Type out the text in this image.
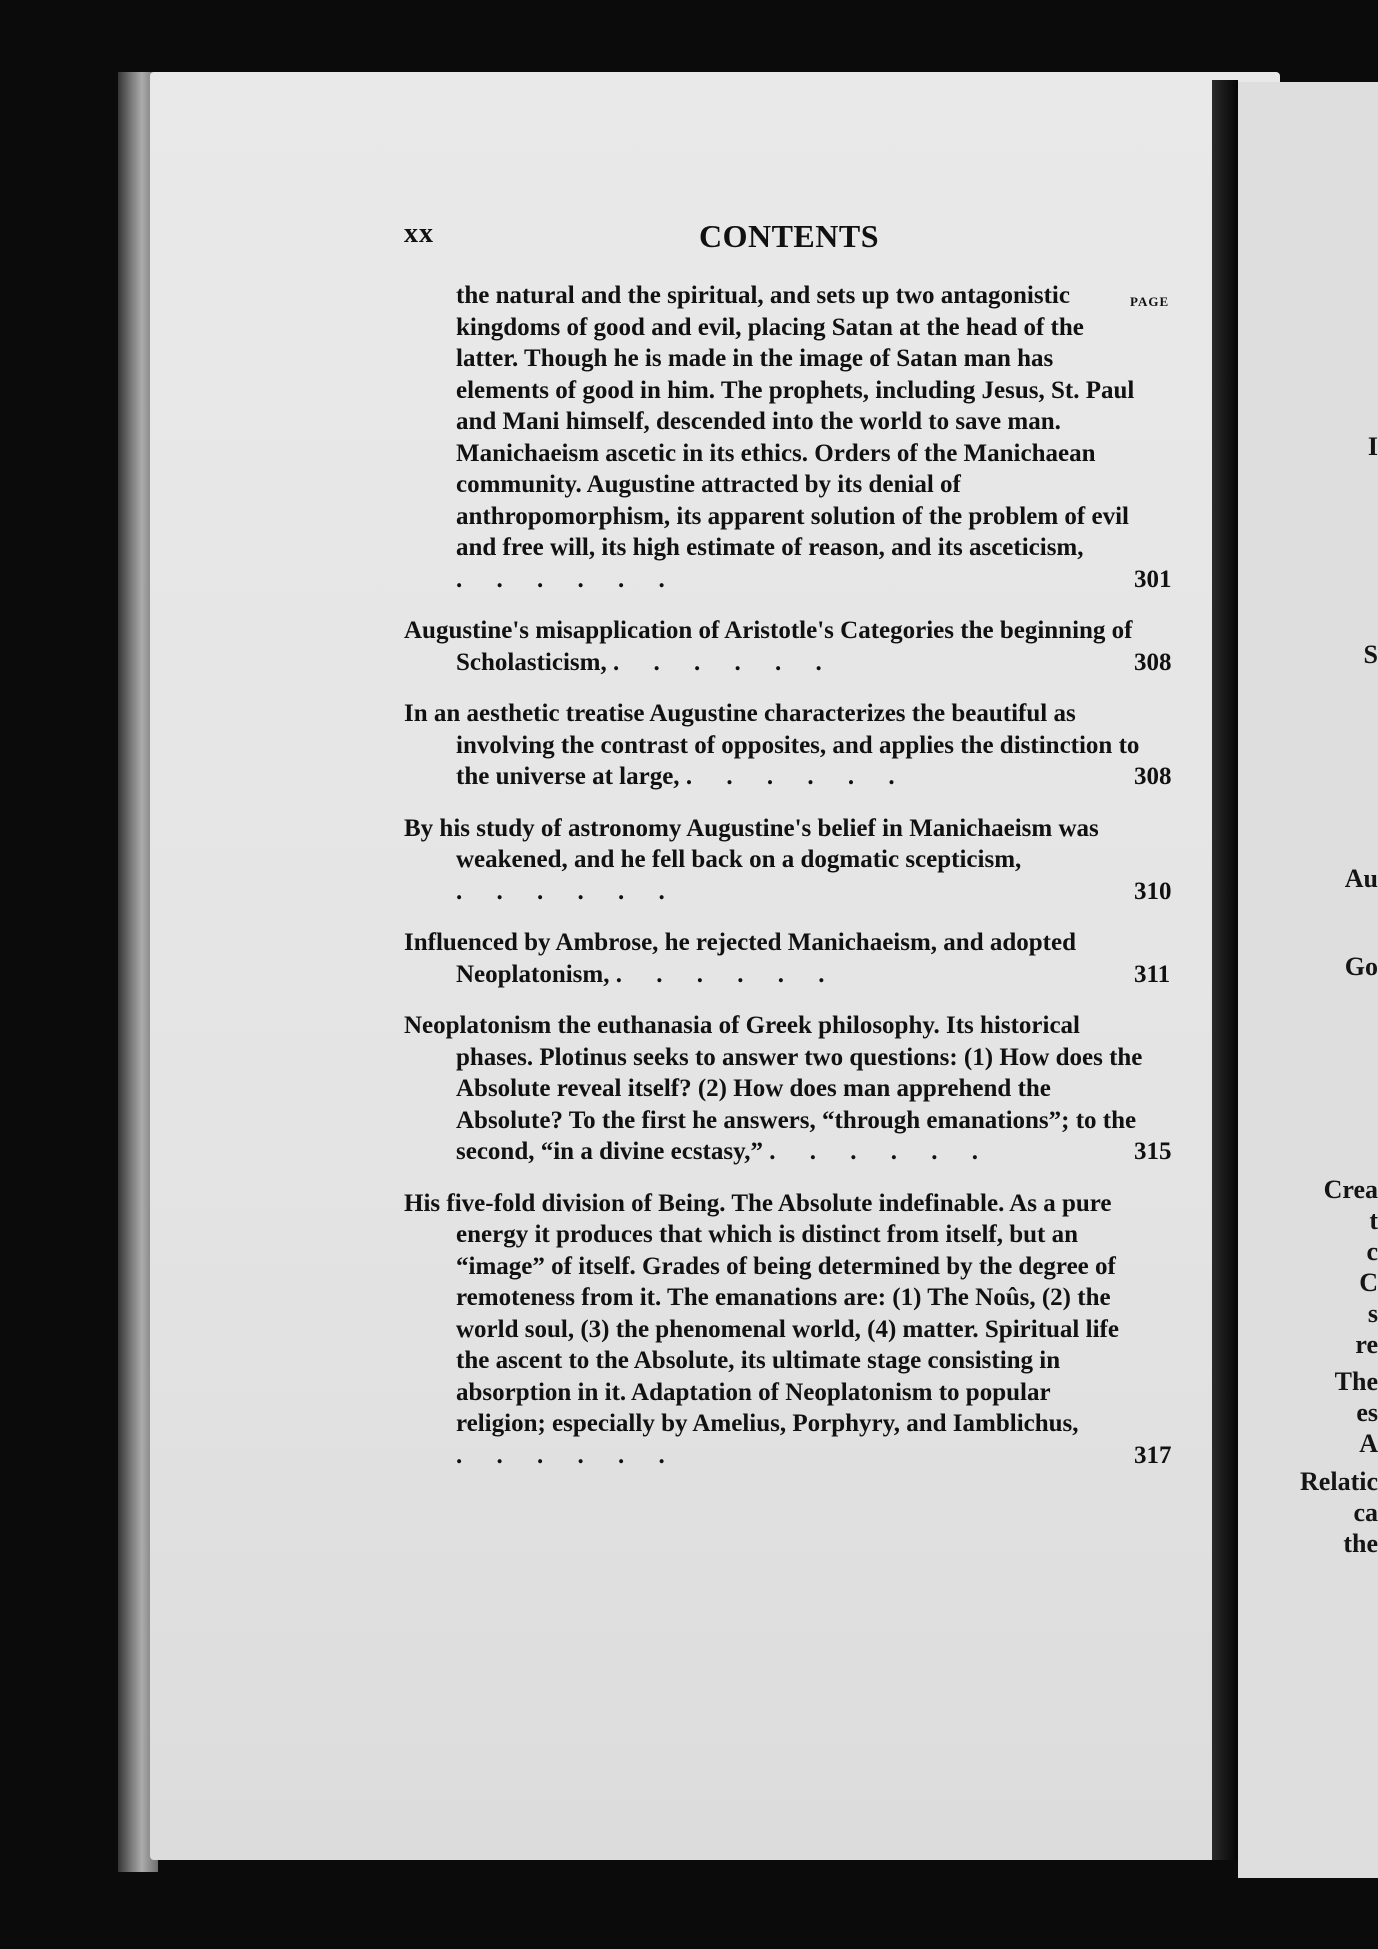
I
S
Au
Go
Crea
t
c
C
s
re
The
es
A
Relatic
ca
the
xx	CONTENTS
PAGE
the natural and the spiritual, and sets up two antagonistic kingdoms of good and evil, placing Satan at the head of the latter. Though he is made in the image of Satan man has elements of good in him. The prophets, including Jesus, St. Paul and Mani himself, descended into the world to save man. Manichaeism ascetic in its ethics. Orders of the Manichaean community. Augustine attracted by its denial of anthropomorphism, its apparent solution of the problem of evil and free will, its high estimate of reason, and its asceticism, . . . . . .	301
Augustine's misapplication of Aristotle's Categories the beginning of Scholasticism, . . . . . .	308
In an aesthetic treatise Augustine characterizes the beautiful as involving the contrast of opposites, and applies the distinction to the universe at large, . . . . . .	308
By his study of astronomy Augustine's belief in Manichaeism was weakened, and he fell back on a dogmatic scepticism, . . . . . .	310
Influenced by Ambrose, he rejected Manichaeism, and adopted Neoplatonism, . . . . . .	311
Neoplatonism the euthanasia of Greek philosophy. Its historical phases. Plotinus seeks to answer two questions: (1) How does the Absolute reveal itself? (2) How does man apprehend the Absolute? To the first he answers, “through emanations”; to the second, “in a divine ecstasy,” . . . . . .	315
His five-fold division of Being. The Absolute indefinable. As a pure energy it produces that which is distinct from itself, but an “image” of itself. Grades of being determined by the degree of remoteness from it. The emanations are: (1) The Noûs, (2) the world soul, (3) the phenomenal world, (4) matter. Spiritual life the ascent to the Absolute, its ultimate stage consisting in absorption in it. Adaptation of Neoplatonism to popular religion; especially by Amelius, Porphyry, and Iamblichus, . . . . . .	317
